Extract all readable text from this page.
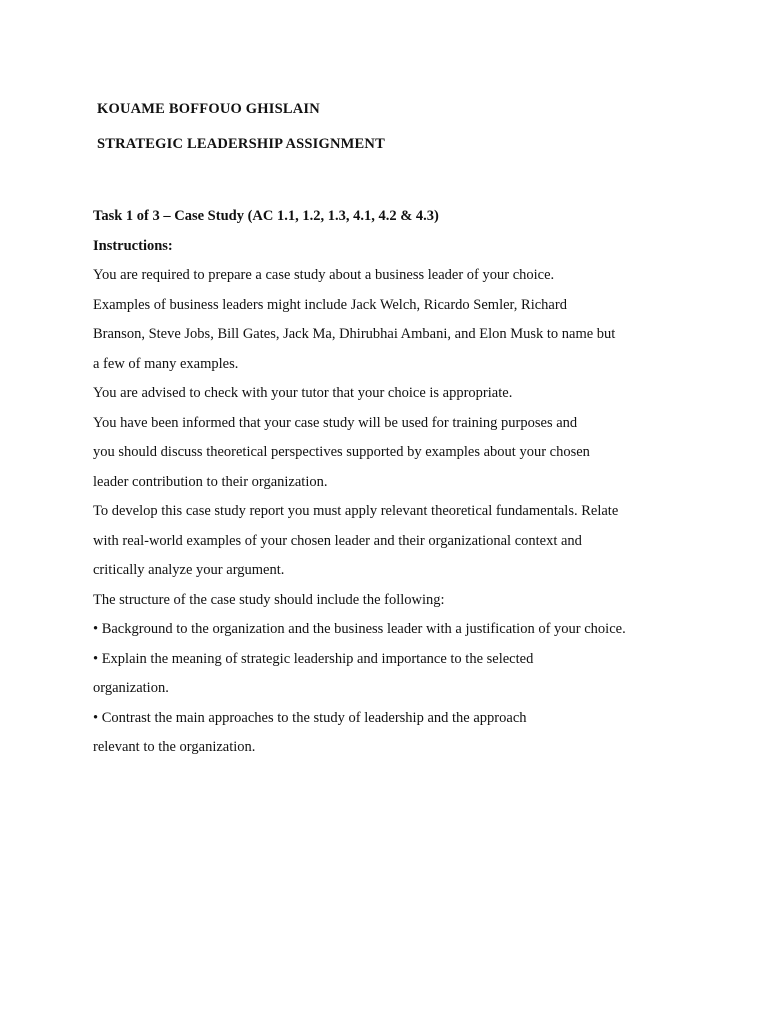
KOUAME BOFFOUO GHISLAIN
STRATEGIC LEADERSHIP ASSIGNMENT
Task 1 of 3 – Case Study (AC 1.1, 1.2, 1.3, 4.1, 4.2 & 4.3)
Instructions:
You are required to prepare a case study about a business leader of your choice.
Examples of business leaders might include Jack Welch, Ricardo Semler, Richard
Branson, Steve Jobs, Bill Gates, Jack Ma, Dhirubhai Ambani, and Elon Musk to name but
a few of many examples.
You are advised to check with your tutor that your choice is appropriate.
You have been informed that your case study will be used for training purposes and
you should discuss theoretical perspectives supported by examples about your chosen
leader contribution to their organization.
To develop this case study report you must apply relevant theoretical fundamentals. Relate
with real-world examples of your chosen leader and their organizational context and
critically analyze your argument.
The structure of the case study should include the following:
• Background to the organization and the business leader with a justification of your choice.
• Explain the meaning of strategic leadership and importance to the selected
organization.
• Contrast the main approaches to the study of leadership and the approach
relevant to the organization.
